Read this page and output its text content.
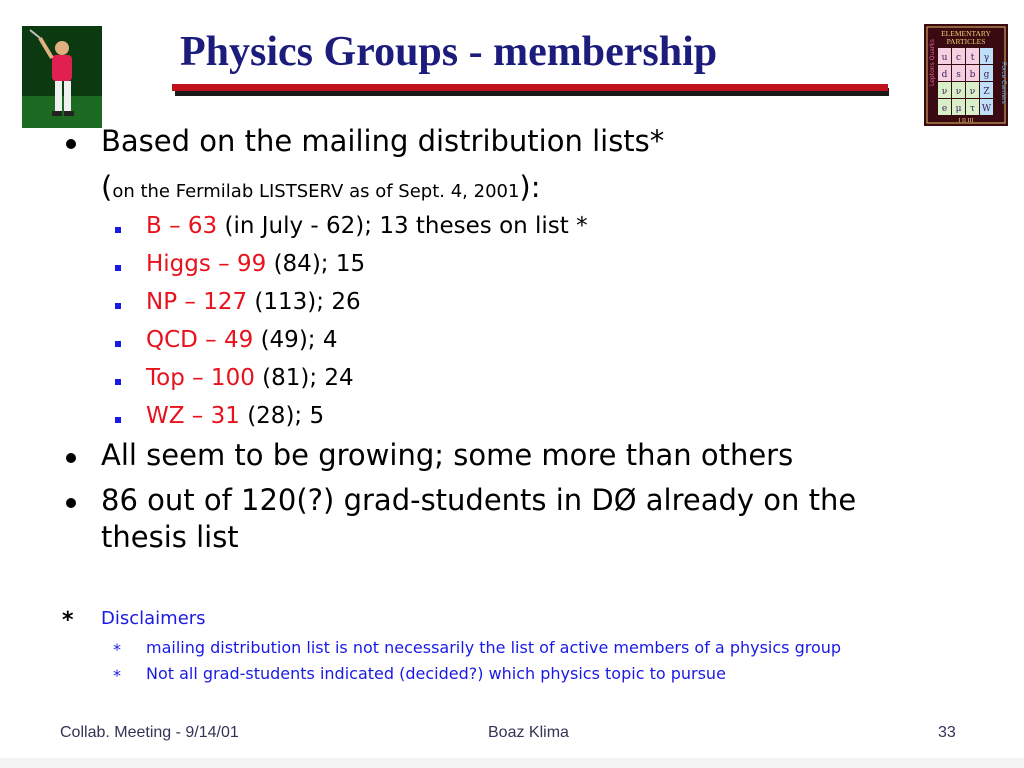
Physics Groups - membership	ELEMENTARY
PARTICLES
Leptons Quarks	Force Carriers
u c t γ
d s b g
ν ν ν Z
e μ τ W
I II III
Based on the mailing distribution lists*
(on the Fermilab LISTSERV as of Sept. 4, 2001):
B – 63 (in July - 62); 13 theses on list *
Higgs – 99 (84); 15
NP – 127 (113); 26
QCD – 49 (49); 4
Top – 100 (81); 24
WZ – 31 (28); 5
All seem to be growing; some more than others
86 out of 120(?) grad-students in DØ already on the
thesis list
* Disclaimers
* mailing distribution list is not necessarily the list of active members of a physics group
* Not all grad-students indicated (decided?) which physics topic to pursue
Collab. Meeting - 9/14/01	Boaz Klima	33
